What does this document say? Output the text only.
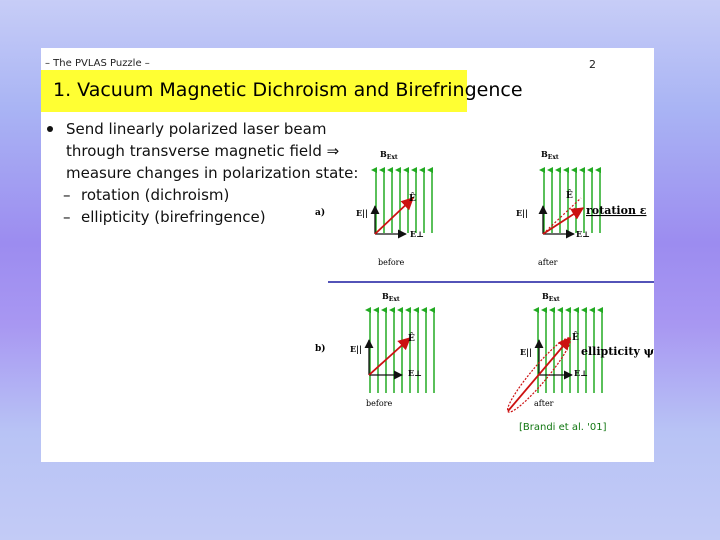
– The PVLAS Puzzle –	2
1. Vacuum Magnetic Dichroism and Birefringence
Send linearly polarized laser beam
through transverse magnetic field ⇒
measure changes in polarization state:
– rotation (dichroism)
– ellipticity (birefringence)
$B_{Ext}$
Ê
E||
E⊥
before
a)
$B_{Ext}$
Ê
E||
E⊥
after
rotation ε
$B_{Ext}$
Ê
E||
E⊥
before
b)
$B_{Ext}$
Ê
E||
E⊥
after
ellipticity ψ
[Brandi et al. '01]
